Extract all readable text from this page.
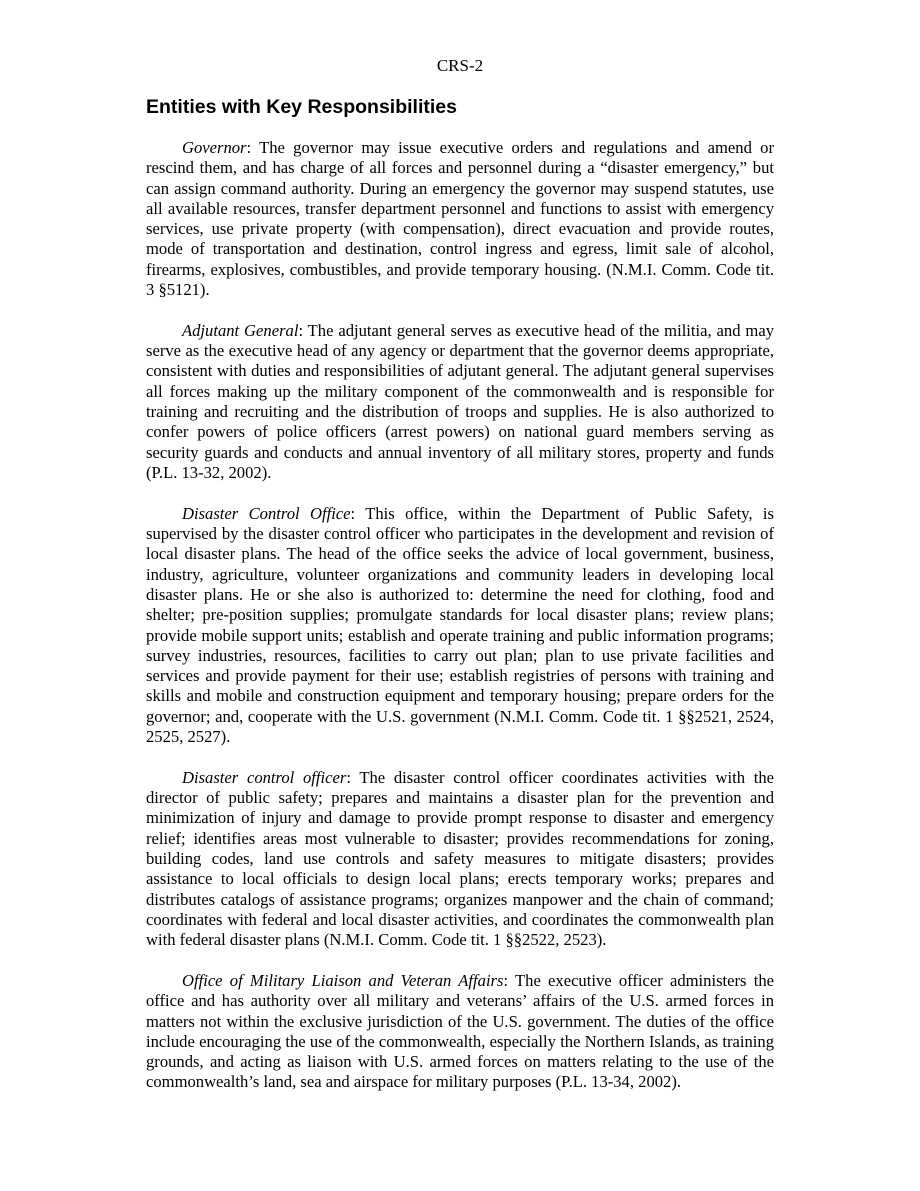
CRS-2
Entities with Key Responsibilities

Governor: The governor may issue executive orders and regulations and amend or rescind them, and has charge of all forces and personnel during a “disaster emergency,” but can assign command authority. During an emergency the governor may suspend statutes, use all available resources, transfer department personnel and functions to assist with emergency services, use private property (with compensation), direct evacuation and provide routes, mode of transportation and destination, control ingress and egress, limit sale of alcohol, firearms, explosives, combustibles, and provide temporary housing. (N.M.I. Comm. Code tit. 3 §5121).

Adjutant General: The adjutant general serves as executive head of the militia, and may serve as the executive head of any agency or department that the governor deems appropriate, consistent with duties and responsibilities of adjutant general. The adjutant general supervises all forces making up the military component of the commonwealth and is responsible for training and recruiting and the distribution of troops and supplies. He is also authorized to confer powers of police officers (arrest powers) on national guard members serving as security guards and conducts and annual inventory of all military stores, property and funds (P.L. 13-32, 2002).

Disaster Control Office: This office, within the Department of Public Safety, is supervised by the disaster control officer who participates in the development and revision of local disaster plans. The head of the office seeks the advice of local government, business, industry, agriculture, volunteer organizations and community leaders in developing local disaster plans. He or she also is authorized to: determine the need for clothing, food and shelter; pre-position supplies; promulgate standards for local disaster plans; review plans; provide mobile support units; establish and operate training and public information programs; survey industries, resources, facilities to carry out plan; plan to use private facilities and services and provide payment for their use; establish registries of persons with training and skills and mobile and construction equipment and temporary housing; prepare orders for the governor; and, cooperate with the U.S. government (N.M.I. Comm. Code tit. 1 §§2521, 2524, 2525, 2527).

Disaster control officer: The disaster control officer coordinates activities with the director of public safety; prepares and maintains a disaster plan for the prevention and minimization of injury and damage to provide prompt response to disaster and emergency relief; identifies areas most vulnerable to disaster; provides recommendations for zoning, building codes, land use controls and safety measures to mitigate disasters; provides assistance to local officials to design local plans; erects temporary works; prepares and distributes catalogs of assistance programs; organizes manpower and the chain of command; coordinates with federal and local disaster activities, and coordinates the commonwealth plan with federal disaster plans (N.M.I. Comm. Code tit. 1 §§2522, 2523).

Office of Military Liaison and Veteran Affairs: The executive officer administers the office and has authority over all military and veterans’ affairs of the U.S. armed forces in matters not within the exclusive jurisdiction of the U.S. government. The duties of the office include encouraging the use of the commonwealth, especially the Northern Islands, as training grounds, and acting as liaison with U.S. armed forces on matters relating to the use of the commonwealth’s land, sea and airspace for military purposes (P.L. 13-34, 2002).
